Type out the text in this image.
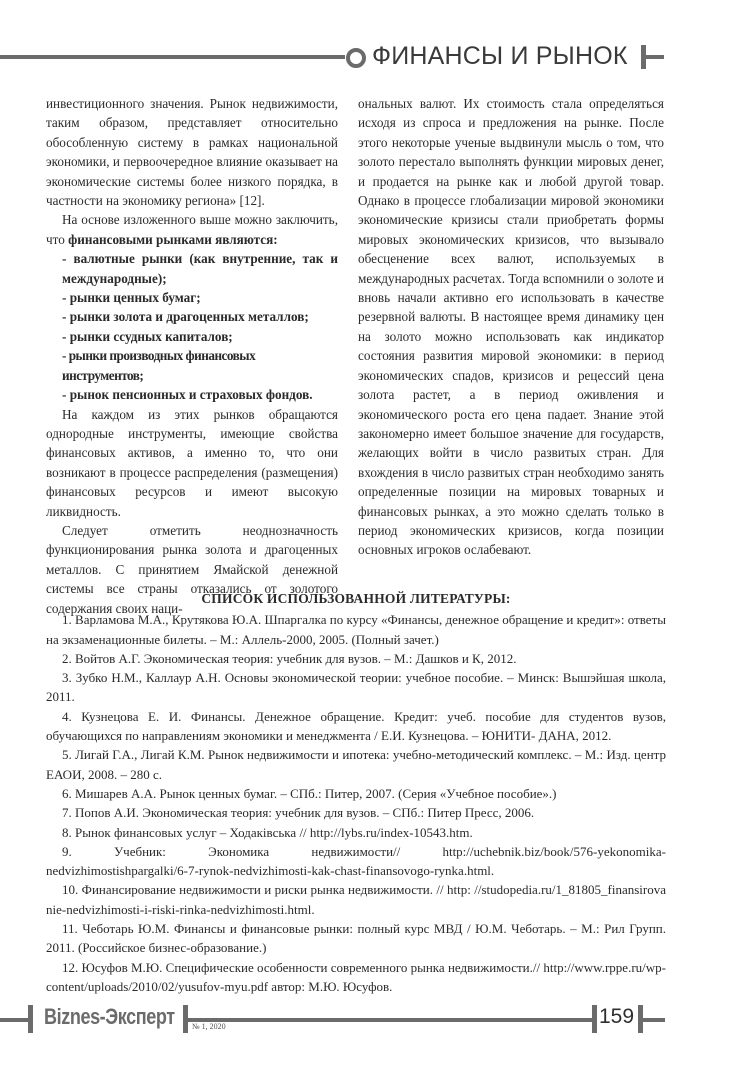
ФИНАНСЫ И РЫНОК

инвестиционного значения. Рынок недвижимости, таким образом, представляет относительно обособленную систему в рамках национальной экономики, и первоочередное влияние оказывает на экономические системы более низкого порядка, в частности на экономику региона» [12].

На основе изложенного выше можно заключить, что финансовыми рынками являются:

- валютные рынки (как внутренние, так и международные);

- рынки ценных бумаг;

- рынки золота и драгоценных металлов;

- рынки ссудных капиталов;

- рынки производных финансовых инструментов;

- рынок пенсионных и страховых фондов.

На каждом из этих рынков обращаются однородные инструменты, имеющие свойства финансовых активов, а именно то, что они возникают в процессе распределения (размещения) финансовых ресурсов и имеют высокую ликвидность.

Следует отметить неоднозначность функционирования рынка золота и драгоценных металлов. С принятием Ямайской денежной системы все страны отказались от золотого содержания своих наци-

ональных валют. Их стоимость стала определяться исходя из спроса и предложения на рынке. После этого некоторые ученые выдвинули мысль о том, что золото перестало выполнять функции мировых денег, и продается на рынке как и любой другой товар. Однако в процессе глобализации мировой экономики экономические кризисы стали приобретать формы мировых экономических кризисов, что вызывало обесценение всех валют, используемых в международных расчетах. Тогда вспомнили о золоте и вновь начали активно его использовать в качестве резервной валюты. В настоящее время динамику цен на золото можно использовать как индикатор состояния развития мировой экономики: в период экономических спадов, кризисов и рецессий цена золота растет, а в период оживления и экономического роста его цена падает. Знание этой закономерно имеет большое значение для государств, желающих войти в число развитых стран. Для вхождения в число развитых стран необходимо занять определенные позиции на мировых товарных и финансовых рынках, а это можно сделать только в период экономических кризисов, когда позиции основных игроков ослабевают.

СПИСОК ИСПОЛЬЗОВАННОЙ ЛИТЕРАТУРЫ:

1. Варламова М.А., Крутякова Ю.А. Шпаргалка по курсу «Финансы, денежное обращение и кредит»: ответы на экзаменационные билеты. – М.: Аллель-2000, 2005. (Полный зачет.)

2. Войтов А.Г. Экономическая теория: учебник для вузов. – М.: Дашков и К, 2012.

3. Зубко Н.М., Каллаур А.Н. Основы экономической теории: учебное пособие. – Минск: Вышэйшая школа, 2011.

4. Кузнецова Е. И. Финансы. Денежное обращение. Кредит: учеб. пособие для студентов вузов, обучающихся по направлениям экономики и менеджмента / Е.И. Кузнецова. – ЮНИТИ- ДАНА, 2012.

5. Лигай Г.А., Лигай К.М. Рынок недвижимости и ипотека: учебно-методический комплекс. – М.: Изд. центр ЕАОИ, 2008. – 280 с.

6. Мишарев А.А. Рынок ценных бумаг. – СПб.: Питер, 2007. (Серия «Учебное пособие».)

7. Попов А.И. Экономическая теория: учебник для вузов. – СПб.: Питер Пресс, 2006.

8. Рынок финансовых услуг – Ходаківська // http://lybs.ru/index-10543.htm.

9.	Учебник:	Экономика	недвижимости//	http://uchebnik.biz/book/576-yekonomika-
nedvizhimostishpargalki/6-7-rynok-nedvizhimosti-kak-chast-finansovogo-rynka.html.

10. Финансирование недвижимости и риски рынка недвижимости. // http: //studopedia.ru/1_81805_finansirovanie-nedvizhimosti-i-riski-rinka-nedvizhimosti.html.

11. Чеботарь Ю.М. Финансы и финансовые рынки: полный курс МВД / Ю.М. Чеботарь. – М.: Рил Групп. 2011. (Российское бизнес-образование.)

12. Юсуфов М.Ю. Специфические особенности современного рынка недвижимости.// http://www.rppe.ru/wp-content/uploads/2010/02/yusufov-myu.pdf автор: М.Ю. Юсуфов.

Biznes-Эксперт № 1, 2020	159
